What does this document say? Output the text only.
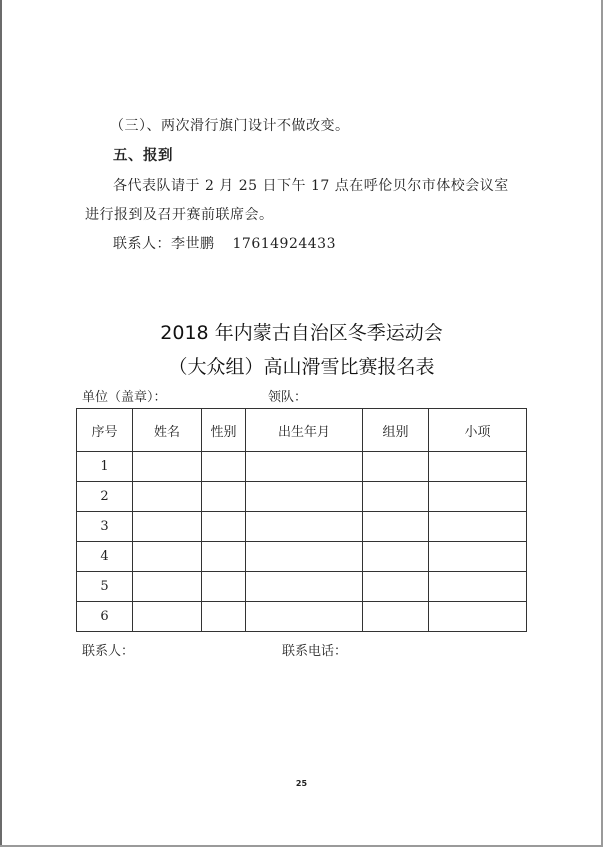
（三）、两次滑行旗门设计不做改变。
五、报到
各代表队请于 2 月 25 日下午 17 点在呼伦贝尔市体校会议室
进行报到及召开赛前联席会。
联系人：李世鹏 17614924433
2018 年内蒙古自治区冬季运动会
（大众组）高山滑雪比赛报名表
单位（盖章）：	领队：
序号	姓名	性别	出生年月	组别	小项
1					
2					
3					
4					
5					
6					
联系人：	联系电话：
25
